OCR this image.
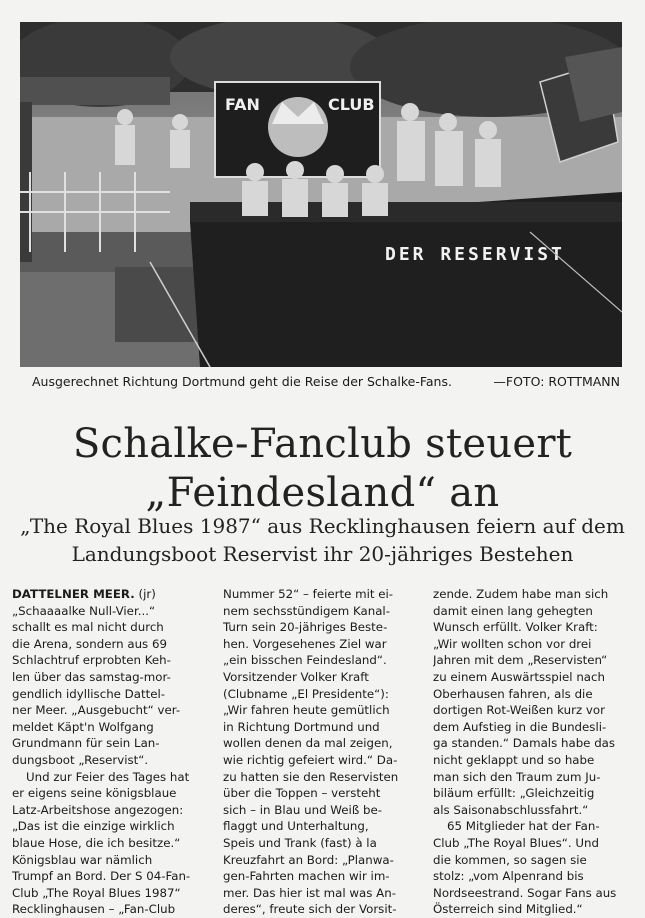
FAN	CLUB
DER RESERVIST
Ausgerechnet Richtung Dortmund geht die Reise der Schalke-Fans.	—FOTO: ROTTMANN
Schalke-Fanclub steuert
„Feindesland“ an
„The Royal Blues 1987“ aus Recklinghausen feiern auf dem
Landungsboot Reservist ihr 20-jähriges Bestehen

DATTELNER MEER. (jr)

„Schaaaalke Null-Vier...“
schallt es mal nicht durch
die Arena, sondern aus 69
Schlachtruf erprobten Keh-
len über das samstag-mor-
gendlich idyllische Dattel-
ner Meer. „Ausgebucht“ ver-
meldet Käpt'n Wolfgang
Grundmann für sein Lan-
dungsboot „Reservist“.
Und zur Feier des Tages hat
er eigens seine königsblaue
Latz-Arbeitshose angezogen:
„Das ist die einzige wirklich
blaue Hose, die ich besitze.“
Königsblau war nämlich
Trumpf an Bord. Der S 04-Fan-
Club „The Royal Blues 1987“
Recklinghausen – „Fan-Club
Nummer 52“ – feierte mit ei-
nem sechsstündigem Kanal-
Turn sein 20-jähriges Beste-
hen. Vorgesehenes Ziel war
„ein bisschen Feindesland“.
Vorsitzender Volker Kraft
(Clubname „El Presidente“):
„Wir fahren heute gemütlich
in Richtung Dortmund und
wollen denen da mal zeigen,
wie richtig gefeiert wird.“ Da-
zu hatten sie den Reservisten
über die Toppen – versteht
sich – in Blau und Weiß be-
flaggt und Unterhaltung,
Speis und Trank (fast) à la
Kreuzfahrt an Bord: „Planwa-
gen-Fahrten machen wir im-
mer. Das hier ist mal was An-
deres“, freute sich der Vorsit-
zende. Zudem habe man sich
damit einen lang gehegten
Wunsch erfüllt. Volker Kraft:
„Wir wollten schon vor drei
Jahren mit dem „Reservisten“
zu einem Auswärtsspiel nach
Oberhausen fahren, als die
dortigen Rot-Weißen kurz vor
dem Aufstieg in die Bundesli-
ga standen.“ Damals habe das
nicht geklappt und so habe
man sich den Traum zum Ju-
biläum erfüllt: „Gleichzeitig
als Saisonabschlussfahrt.“
65 Mitglieder hat der Fan-
Club „The Royal Blues“. Und
die kommen, so sagen sie
stolz: „vom Alpenrand bis
Nordseestrand. Sogar Fans aus
Österreich sind Mitglied.“
